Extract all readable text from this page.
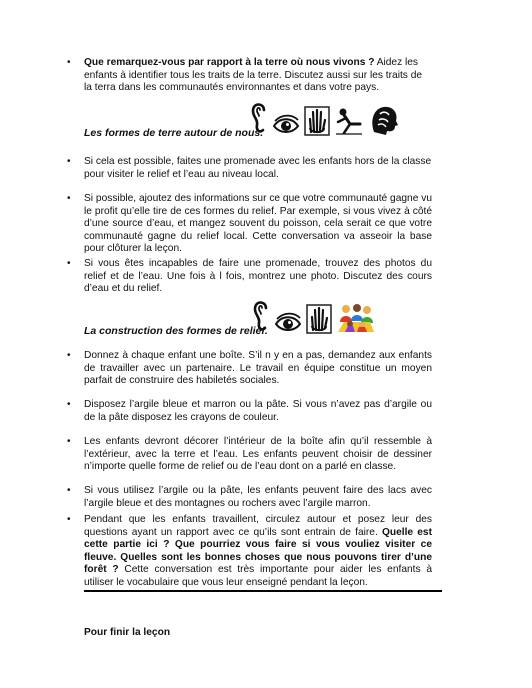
• Que remarquez-vous par rapport à la terre où nous vivons ? Aidez les enfants à identifier tous les traits de la terre. Discutez aussi sur les traits de la terra dans les communautés environnantes et dans votre pays.

Les formes de terre autour de nous.
• Si cela est possible, faites une promenade avec les enfants hors de la classe pour visiter le relief et l’eau au niveau local.

• Si possible, ajoutez des informations sur ce que votre communauté gagne vu le profit qu’elle tire de ces formes du relief. Par exemple, si vous vivez à côté d’une source d’eau, et mangez souvent du poisson, cela serait ce que votre communauté gagne du relief local. Cette conversation va asseoir la base pour clôturer la leçon.

• Si vous êtes incapables de faire une promenade, trouvez des photos du relief et de l’eau. Une fois à l fois, montrez une photo. Discutez des cours d’eau et du relief.

La construction des formes de relief.
• Donnez à chaque enfant une boîte. S’il n y en a pas, demandez aux enfants de travailler avec un partenaire. Le travail en équipe constitue un moyen parfait de construire des habiletés sociales.

• Disposez l’argile bleue et marron ou la pâte. Si vous n’avez pas d’argile ou de la pâte disposez les crayons de couleur.

• Les enfants devront décorer l’intérieur de la boîte afin qu’il ressemble à l’extérieur, avec la terre et l’eau. Les enfants peuvent choisir de dessiner n’importe quelle forme de relief ou de l’eau dont on a parlé en classe.

• Si vous utilisez l’argile ou la pâte, les enfants peuvent faire des lacs avec l’argile bleue et des montagnes ou rochers avec l’argile marron.

• Pendant que les enfants travaillent, circulez autour et posez leur des questions ayant un rapport avec ce qu’ils sont entrain de faire. Quelle est cette partie ici ? Que pourriez vous faire si vous vouliez visiter ce fleuve. Quelles sont les bonnes choses que nous pouvons tirer d’une forêt ? Cette conversation est très importante pour aider les enfants à utiliser le vocabulaire que vous leur enseigné pendant la leçon.

Pour finir la leçon
